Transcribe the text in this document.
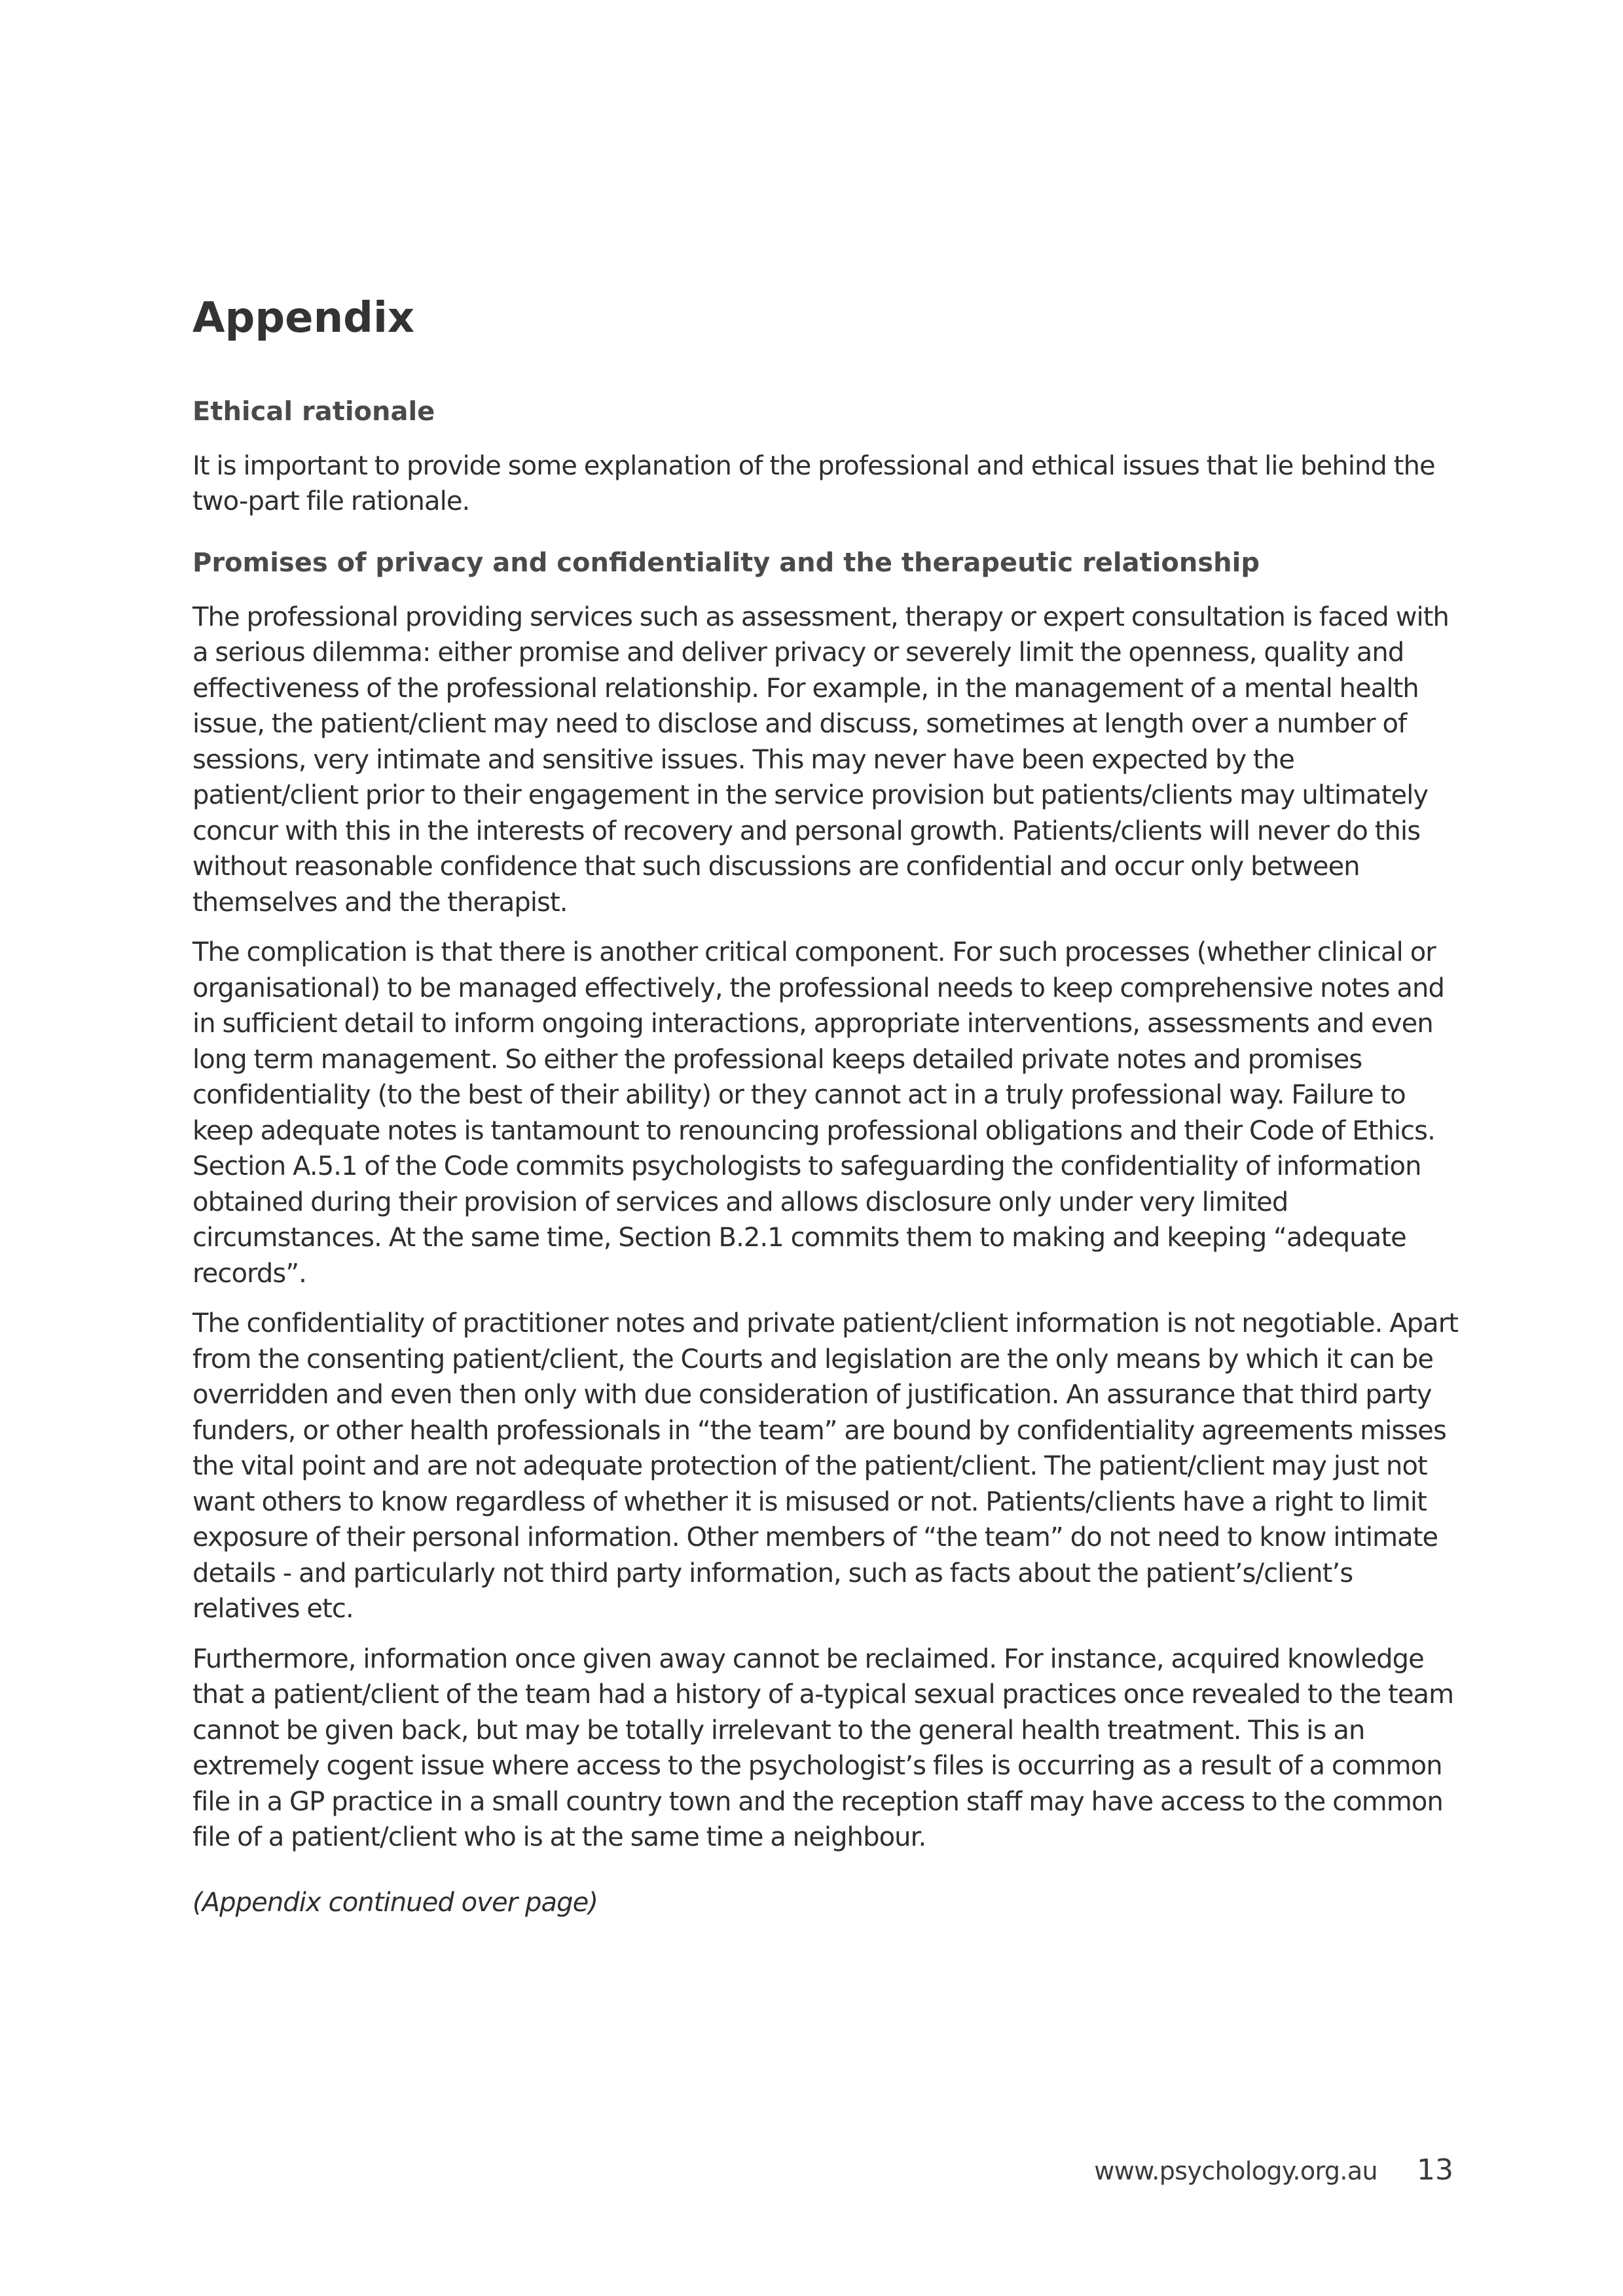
Appendix
Ethical rationale

It is important to provide some explanation of the professional and ethical issues that lie behind the two-part file rationale.

Promises of privacy and confidentiality and the therapeutic relationship

The professional providing services such as assessment, therapy or expert consultation is faced with a serious dilemma: either promise and deliver privacy or severely limit the openness, quality and effectiveness of the professional relationship. For example, in the management of a mental health issue, the patient/client may need to disclose and discuss, sometimes at length over a number of sessions, very intimate and sensitive issues. This may never have been expected by the patient/client prior to their engagement in the service provision but patients/clients may ultimately concur with this in the interests of recovery and personal growth. Patients/clients will never do this without reasonable confidence that such discussions are confidential and occur only between themselves and the therapist.

The complication is that there is another critical component. For such processes (whether clinical or organisational) to be managed effectively, the professional needs to keep comprehensive notes and in sufficient detail to inform ongoing interactions, appropriate interventions, assessments and even long term management. So either the professional keeps detailed private notes and promises confidentiality (to the best of their ability) or they cannot act in a truly professional way. Failure to keep adequate notes is tantamount to renouncing professional obligations and their Code of Ethics. Section A.5.1 of the Code commits psychologists to safeguarding the confidentiality of information obtained during their provision of services and allows disclosure only under very limited circumstances. At the same time, Section B.2.1 commits them to making and keeping “adequate records”.

The confidentiality of practitioner notes and private patient/client information is not negotiable. Apart from the consenting patient/client, the Courts and legislation are the only means by which it can be overridden and even then only with due consideration of justification. An assurance that third party funders, or other health professionals in “the team” are bound by confidentiality agreements misses the vital point and are not adequate protection of the patient/client. The patient/client may just not want others to know regardless of whether it is misused or not. Patients/clients have a right to limit exposure of their personal information. Other members of “the team” do not need to know intimate details - and particularly not third party information, such as facts about the patient’s/client’s relatives etc.

Furthermore, information once given away cannot be reclaimed. For instance, acquired knowledge that a patient/client of the team had a history of a-typical sexual practices once revealed to the team cannot be given back, but may be totally irrelevant to the general health treatment. This is an extremely cogent issue where access to the psychologist’s files is occurring as a result of a common file in a GP practice in a small country town and the reception staff may have access to the common file of a patient/client who is at the same time a neighbour.

(Appendix continued over page)

www.psychology.org.au 13
